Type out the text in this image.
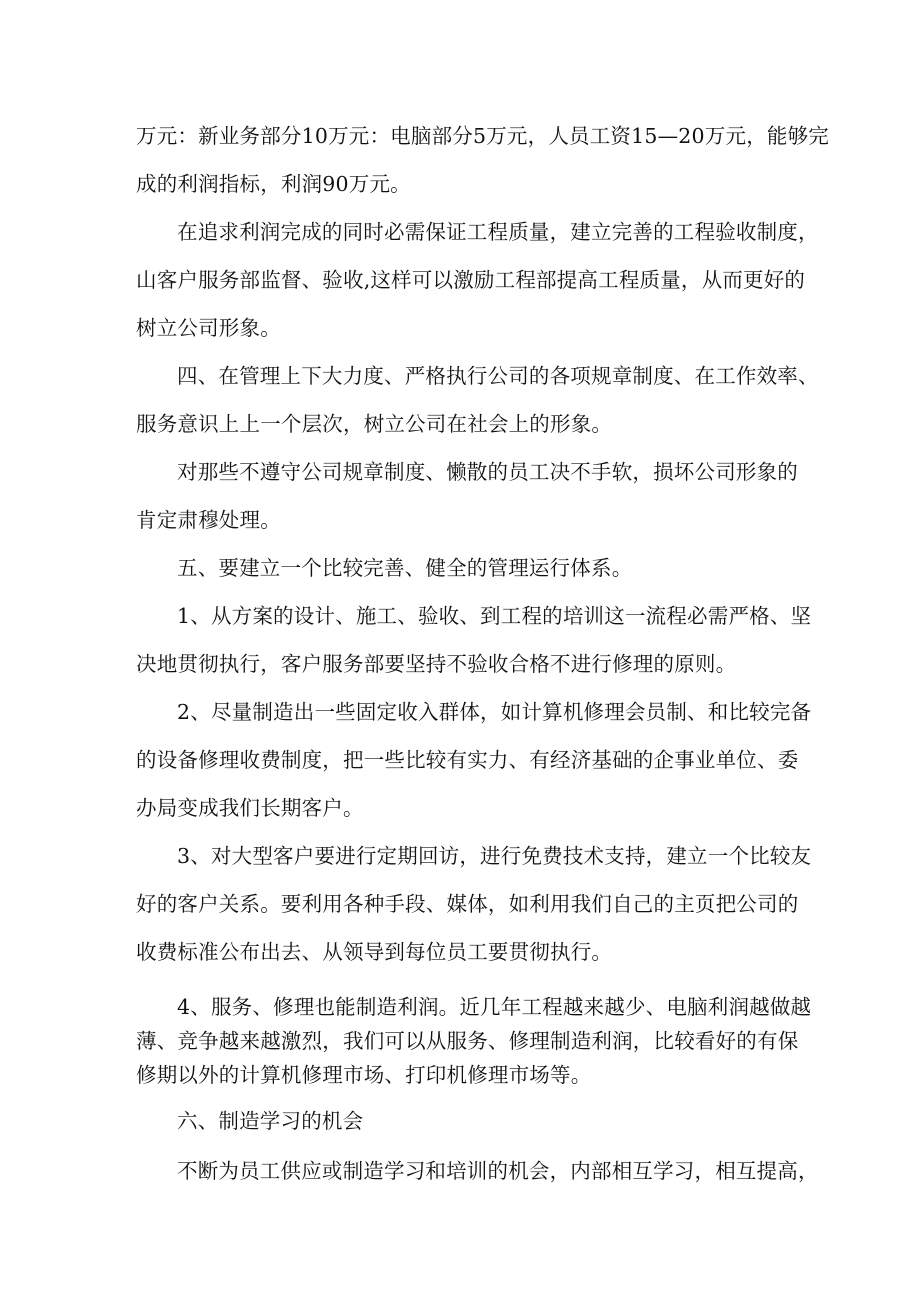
万元：新业务部分10万元：电脑部分5万元，人员工资15—20万元，能够完
成的利润指标，利润90万元。
在追求利润完成的同时必需保证工程质量，建立完善的工程验收制度，
山客户服务部监督、验收,这样可以激励工程部提高工程质量，从而更好的
树立公司形象。
四、在管理上下大力度、严格执行公司的各项规章制度、在工作效率、
服务意识上上一个层次，树立公司在社会上的形象。
对那些不遵守公司规章制度、懒散的员工决不手软，损坏公司形象的
肯定肃穆处理。
五、要建立一个比较完善、健全的管理运行体系。
1、从方案的设计、施工、验收、到工程的培训这一流程必需严格、坚
决地贯彻执行，客户服务部要坚持不验收合格不进行修理的原则。
2、尽量制造出一些固定收入群体，如计算机修理会员制、和比较完备
的设备修理收费制度，把一些比较有实力、有经济基础的企事业单位、委
办局变成我们长期客户。
3、对大型客户要进行定期回访，进行免费技术支持，建立一个比较友
好的客户关系。要利用各种手段、媒体，如利用我们自己的主页把公司的
收费标准公布出去、从领导到每位员工要贯彻执行。
4、服务、修理也能制造利润。近几年工程越来越少、电脑利润越做越
薄、竞争越来越激烈，我们可以从服务、修理制造利润，比较看好的有保
修期以外的计算机修理市场、打印机修理市场等。
六、制造学习的机会
不断为员工供应或制造学习和培训的机会，内部相互学习，相互提高，
